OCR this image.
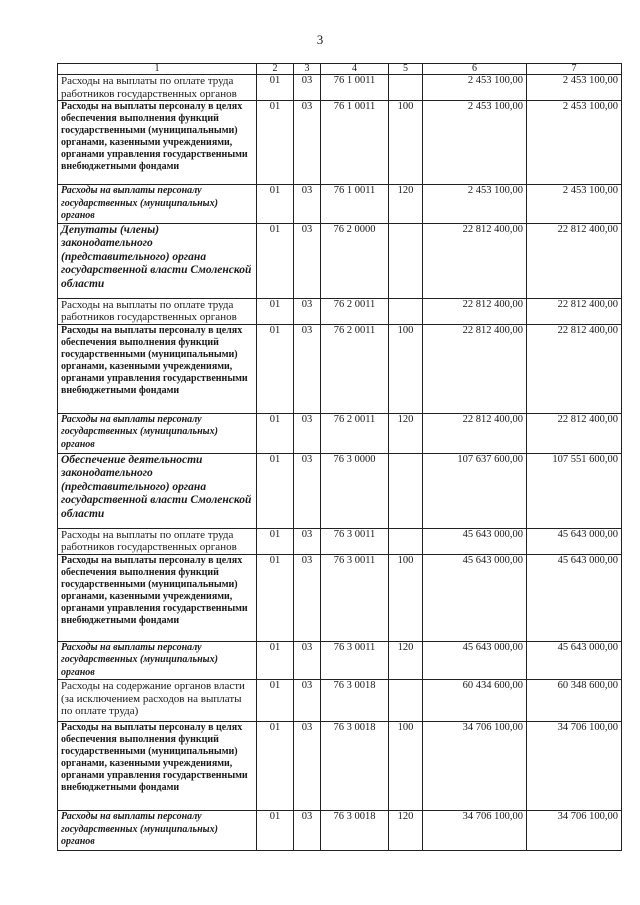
3
1	2	3	4	5	6	7
Расходы на выплаты по оплате труда работников государственных органов	01	03	76 1 0011		2 453 100,00	2 453 100,00
Расходы на выплаты персоналу в целях обеспечения выполнения функций государственными (муниципальными) органами, казенными учреждениями, органами управления государственными внебюджетными фондами	01	03	76 1 0011	100	2 453 100,00	2 453 100,00
Расходы на выплаты персоналу государственных (муниципальных) органов	01	03	76 1 0011	120	2 453 100,00	2 453 100,00
Депутаты (члены) законодательного (представительного) органа государственной власти Смоленской области	01	03	76 2 0000		22 812 400,00	22 812 400,00
Расходы на выплаты по оплате труда работников государственных органов	01	03	76 2 0011		22 812 400,00	22 812 400,00
Расходы на выплаты персоналу в целях обеспечения выполнения функций государственными (муниципальными) органами, казенными учреждениями, органами управления государственными внебюджетными фондами	01	03	76 2 0011	100	22 812 400,00	22 812 400,00
Расходы на выплаты персоналу государственных (муниципальных) органов	01	03	76 2 0011	120	22 812 400,00	22 812 400,00
Обеспечение деятельности законодательного (представительного) органа государственной власти Смоленской области	01	03	76 3 0000		107 637 600,00	107 551 600,00
Расходы на выплаты по оплате труда работников государственных органов	01	03	76 3 0011		45 643 000,00	45 643 000,00
Расходы на выплаты персоналу в целях обеспечения выполнения функций государственными (муниципальными) органами, казенными учреждениями, органами управления государственными внебюджетными фондами	01	03	76 3 0011	100	45 643 000,00	45 643 000,00
Расходы на выплаты персоналу государственных (муниципальных) органов	01	03	76 3 0011	120	45 643 000,00	45 643 000,00
Расходы на содержание органов власти (за исключением расходов на выплаты по оплате труда)	01	03	76 3 0018		60 434 600,00	60 348 600,00
Расходы на выплаты персоналу в целях обеспечения выполнения функций государственными (муниципальными) органами, казенными учреждениями, органами управления государственными внебюджетными фондами	01	03	76 3 0018	100	34 706 100,00	34 706 100,00
Расходы на выплаты персоналу государственных (муниципальных) органов	01	03	76 3 0018	120	34 706 100,00	34 706 100,00
